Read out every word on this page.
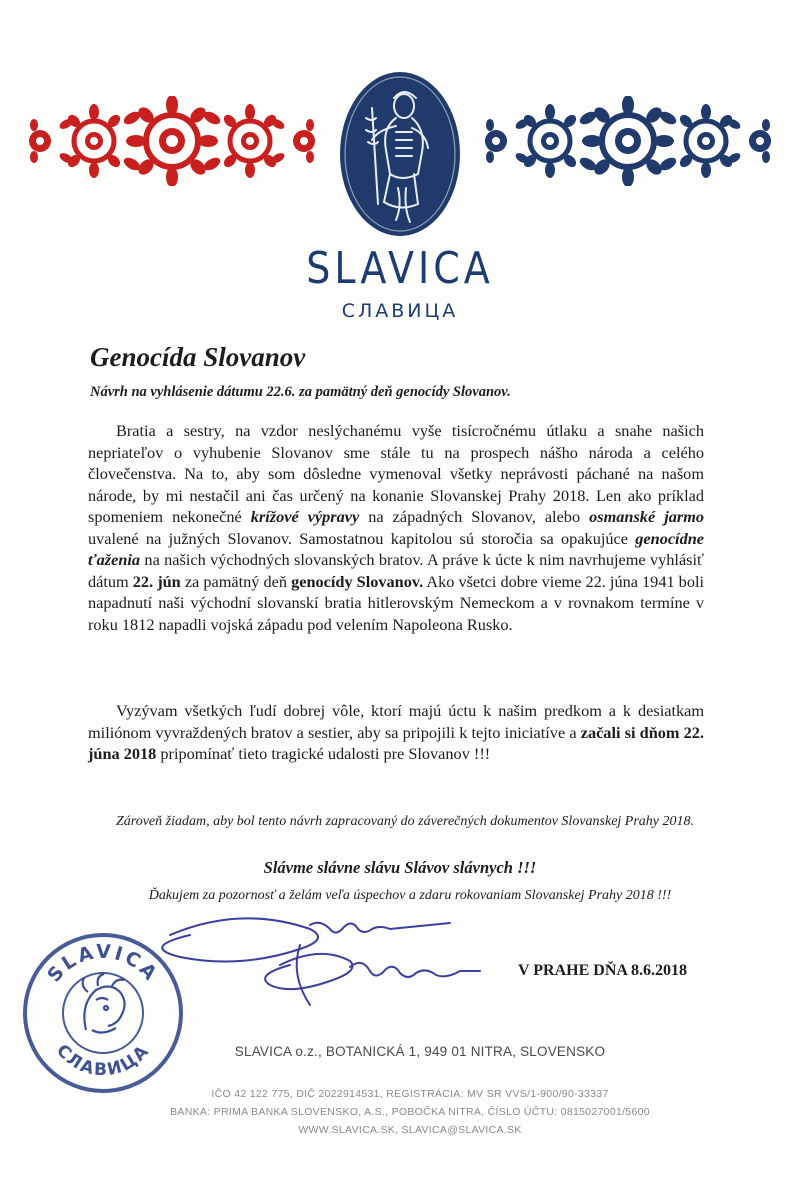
SLAVICA
СЛАВИЦА
Genocída Slovanov
Návrh na vyhlásenie dátumu 22.6. za pamätný deň genocídy Slovanov.
Bratia a sestry, na vzdor neslýchanému vyše tisícročnému útlaku a snahe našich nepriateľov o vyhubenie Slovanov sme stále tu na prospech nášho národa a celého človečenstva. Na to, aby som dôsledne vymenoval všetky neprávosti páchané na našom národe, by mi nestačil ani čas určený na konanie Slovanskej Prahy 2018. Len ako príklad spomeniem nekonečné krížové výpravy na západných Slovanov, alebo osmanské jarmo uvalené na južných Slovanov. Samostatnou kapitolou sú storočia sa opakujúce genocídne ťaženia na našich východných slovanských bratov. A práve k úcte k nim navrhujeme vyhlásiť dátum 22. jún za pamätný deň genocídy Slovanov. Ako všetci dobre vieme 22. júna 1941 boli napadnutí naši východní slovanskí bratia hitlerovským Nemeckom a v rovnakom termíne v roku 1812 napadli vojská západu pod velením Napoleona Rusko.
Vyzývam všetkých ľudí dobrej vôle, ktorí majú úctu k našim predkom a k desiatkam miliónom vyvraždených bratov a sestier, aby sa pripojili k tejto iniciatíve a začali si dňom 22. júna 2018 pripomínať tieto tragické udalosti pre Slovanov !!!
Zároveň žiadam, aby bol tento návrh zapracovaný do záverečných dokumentov Slovanskej Prahy 2018.
Slávme slávne slávu Slávov slávnych !!!
Ďakujem za pozornosť a želám veľa úspechov a zdaru rokovaniam Slovanskej Prahy 2018 !!!
V PRAHE DŇA 8.6.2018
SLAVICA
СЛАВИЦА	SLAVICA o.z., BOTANICKÁ 1, 949 01 NITRA, SLOVENSKO
IČO 42 122 775, DIČ 2022914531, REGISTRÁCIA: MV SR VVS/1-900/90-33337
BANKA: PRIMA BANKA SLOVENSKO, A.S., POBOČKA NITRA, ČÍSLO ÚČTU: 0815027001/5600
WWW.SLAVICA.SK, SLAVICA@SLAVICA.SK
